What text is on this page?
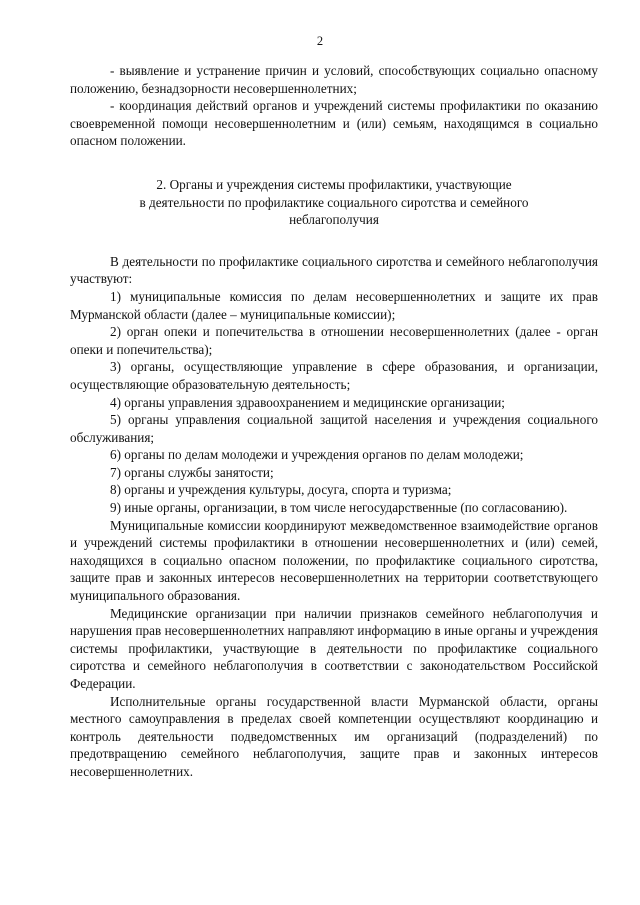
2

- выявление и устранение причин и условий, способствующих социально опасному положению, безнадзорности несовершеннолетних;

- координация действий органов и учреждений системы профилактики по оказанию своевременной помощи несовершеннолетним и (или) семьям, находящимся в социально опасном положении.

2. Органы и учреждения системы профилактики, участвующие

в деятельности по профилактике социального сиротства и семейного

неблагополучия

В деятельности по профилактике социального сиротства и семейного неблагополучия участвуют:

1) муниципальные комиссия по делам несовершеннолетних и защите их прав Мурманской области (далее – муниципальные комиссии);

2) орган опеки и попечительства в отношении несовершеннолетних (далее - орган опеки и попечительства);

3) органы, осуществляющие управление в сфере образования, и организации, осуществляющие образовательную деятельность;

4) органы управления здравоохранением и медицинские организации;

5) органы управления социальной защитой населения и учреждения социального обслуживания;

6) органы по делам молодежи и учреждения органов по делам молодежи;

7) органы службы занятости;

8) органы и учреждения культуры, досуга, спорта и туризма;

9) иные органы, организации, в том числе негосударственные (по согласованию).

Муниципальные комиссии координируют межведомственное взаимодействие органов и учреждений системы профилактики в отношении несовершеннолетних и (или) семей, находящихся в социально опасном положении, по профилактике социального сиротства, защите прав и законных интересов несовершеннолетних на территории соответствующего муниципального образования.

Медицинские организации при наличии признаков семейного неблагополучия и нарушения прав несовершеннолетних направляют информацию в иные органы и учреждения системы профилактики, участвующие в деятельности по профилактике социального сиротства и семейного неблагополучия в соответствии с законодательством Российской Федерации.

Исполнительные органы государственной власти Мурманской области, органы местного самоуправления в пределах своей компетенции осуществляют координацию и контроль деятельности подведомственных им организаций (подразделений) по предотвращению семейного неблагополучия, защите прав и законных интересов несовершеннолетних.
